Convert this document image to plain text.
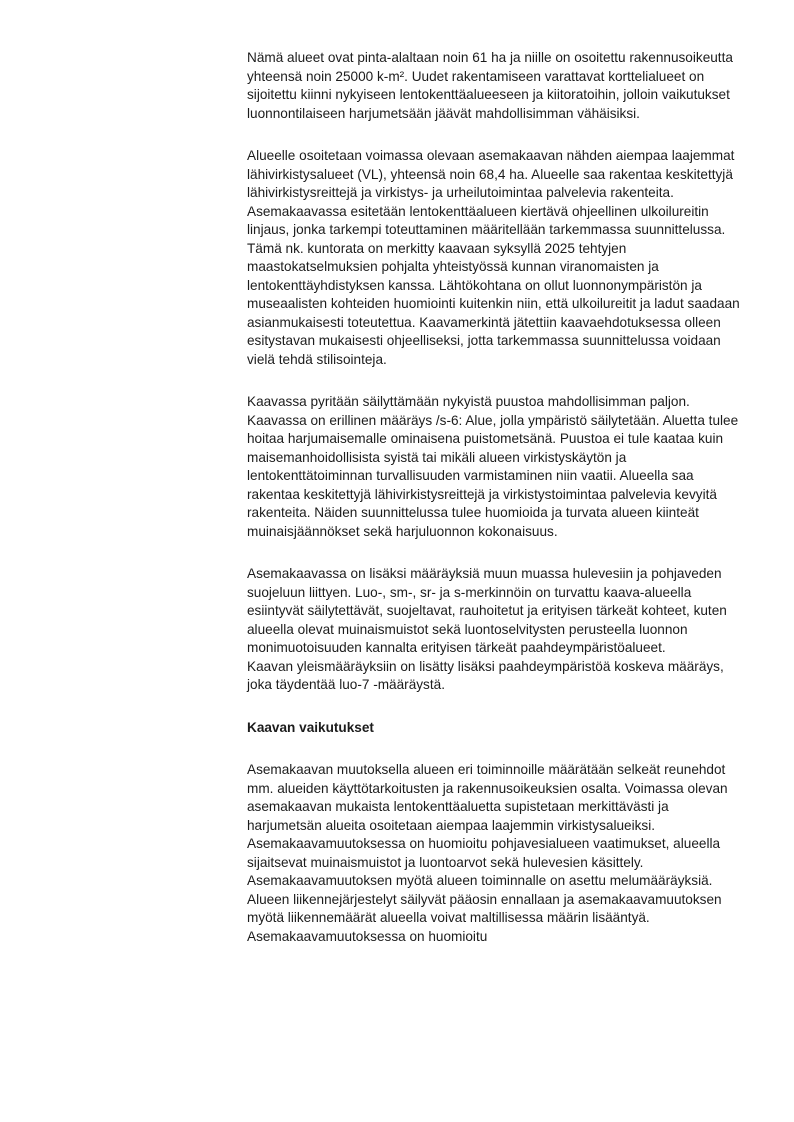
Nämä alueet ovat pinta-alaltaan noin 61 ha ja niille on osoitettu rakennusoikeutta yhteensä noin 25000 k-m². Uudet rakentamiseen varattavat korttelialueet on sijoitettu kiinni nykyiseen lentokenttäalueeseen ja kiitoratoihin, jolloin vaikutukset luonnontilaiseen harjumetsään jäävät mahdollisimman vähäisiksi.

Alueelle osoitetaan voimassa olevaan asemakaavan nähden aiempaa laajemmat lähivirkistysalueet (VL), yhteensä noin 68,4 ha. Alueelle saa rakentaa keskitettyjä lähivirkistysreittejä ja virkistys- ja urheilutoimintaa palvelevia rakenteita. Asemakaavassa esitetään lentokenttäalueen kiertävä ohjeellinen ulkoilureitin linjaus, jonka tarkempi toteuttaminen määritellään tarkemmassa suunnittelussa. Tämä nk. kuntorata on merkitty kaavaan syksyllä 2025 tehtyjen maastokatselmuksien pohjalta yhteistyössä kunnan viranomaisten ja lentokenttäyhdistyksen kanssa. Lähtökohtana on ollut luonnonympäristön ja museaalisten kohteiden huomiointi kuitenkin niin, että ulkoilureitit ja ladut saadaan asianmukaisesti toteutettua. Kaavamerkintä jätettiin kaavaehdotuksessa olleen esitystavan mukaisesti ohjeelliseksi, jotta tarkemmassa suunnittelussa voidaan vielä tehdä stilisointeja.

Kaavassa pyritään säilyttämään nykyistä puustoa mahdollisimman paljon. Kaavassa on erillinen määräys /s-6: Alue, jolla ympäristö säilytetään. Aluetta tulee hoitaa harjumaisemalle ominaisena puistometsänä. Puustoa ei tule kaataa kuin maisemanhoidollisista syistä tai mikäli alueen virkistyskäytön ja lentokenttätoiminnan turvallisuuden varmistaminen niin vaatii. Alueella saa rakentaa keskitettyjä lähivirkistysreittejä ja virkistystoimintaa palvelevia kevyitä rakenteita. Näiden suunnittelussa tulee huomioida ja turvata alueen kiinteät muinaisjäännökset sekä harjuluonnon kokonaisuus.

Asemakaavassa on lisäksi määräyksiä muun muassa hulevesiin ja pohjaveden suojeluun liittyen. Luo-, sm-, sr- ja s-merkinnöin on turvattu kaava-alueella esiintyvät säilytettävät, suojeltavat, rauhoitetut ja erityisen tärkeät kohteet, kuten alueella olevat muinaismuistot sekä luontoselvitysten perusteella luonnon monimuotoisuuden kannalta erityisen tärkeät paahdeympäristöalueet.

Kaavan yleismääräyksiin on lisätty lisäksi paahdeympäristöä koskeva määräys, joka täydentää luo-7 -määräystä.

Kaavan vaikutukset

Asemakaavan muutoksella alueen eri toiminnoille määrätään selkeät reunehdot mm. alueiden käyttötarkoitusten ja rakennusoikeuksien osalta. Voimassa olevan asemakaavan mukaista lentokenttäaluetta supistetaan merkittävästi ja harjumetsän alueita osoitetaan aiempaa laajemmin virkistysalueiksi. Asemakaavamuutoksessa on huomioitu pohjavesialueen vaatimukset, alueella sijaitsevat muinaismuistot ja luontoarvot sekä hulevesien käsittely. Asemakaavamuutoksen myötä alueen toiminnalle on asettu melumääräyksiä. Alueen liikennejärjestelyt säilyvät pääosin ennallaan ja asemakaavamuutoksen myötä liikennemäärät alueella voivat maltillisessa määrin lisääntyä. Asemakaavamuutoksessa on huomioitu
